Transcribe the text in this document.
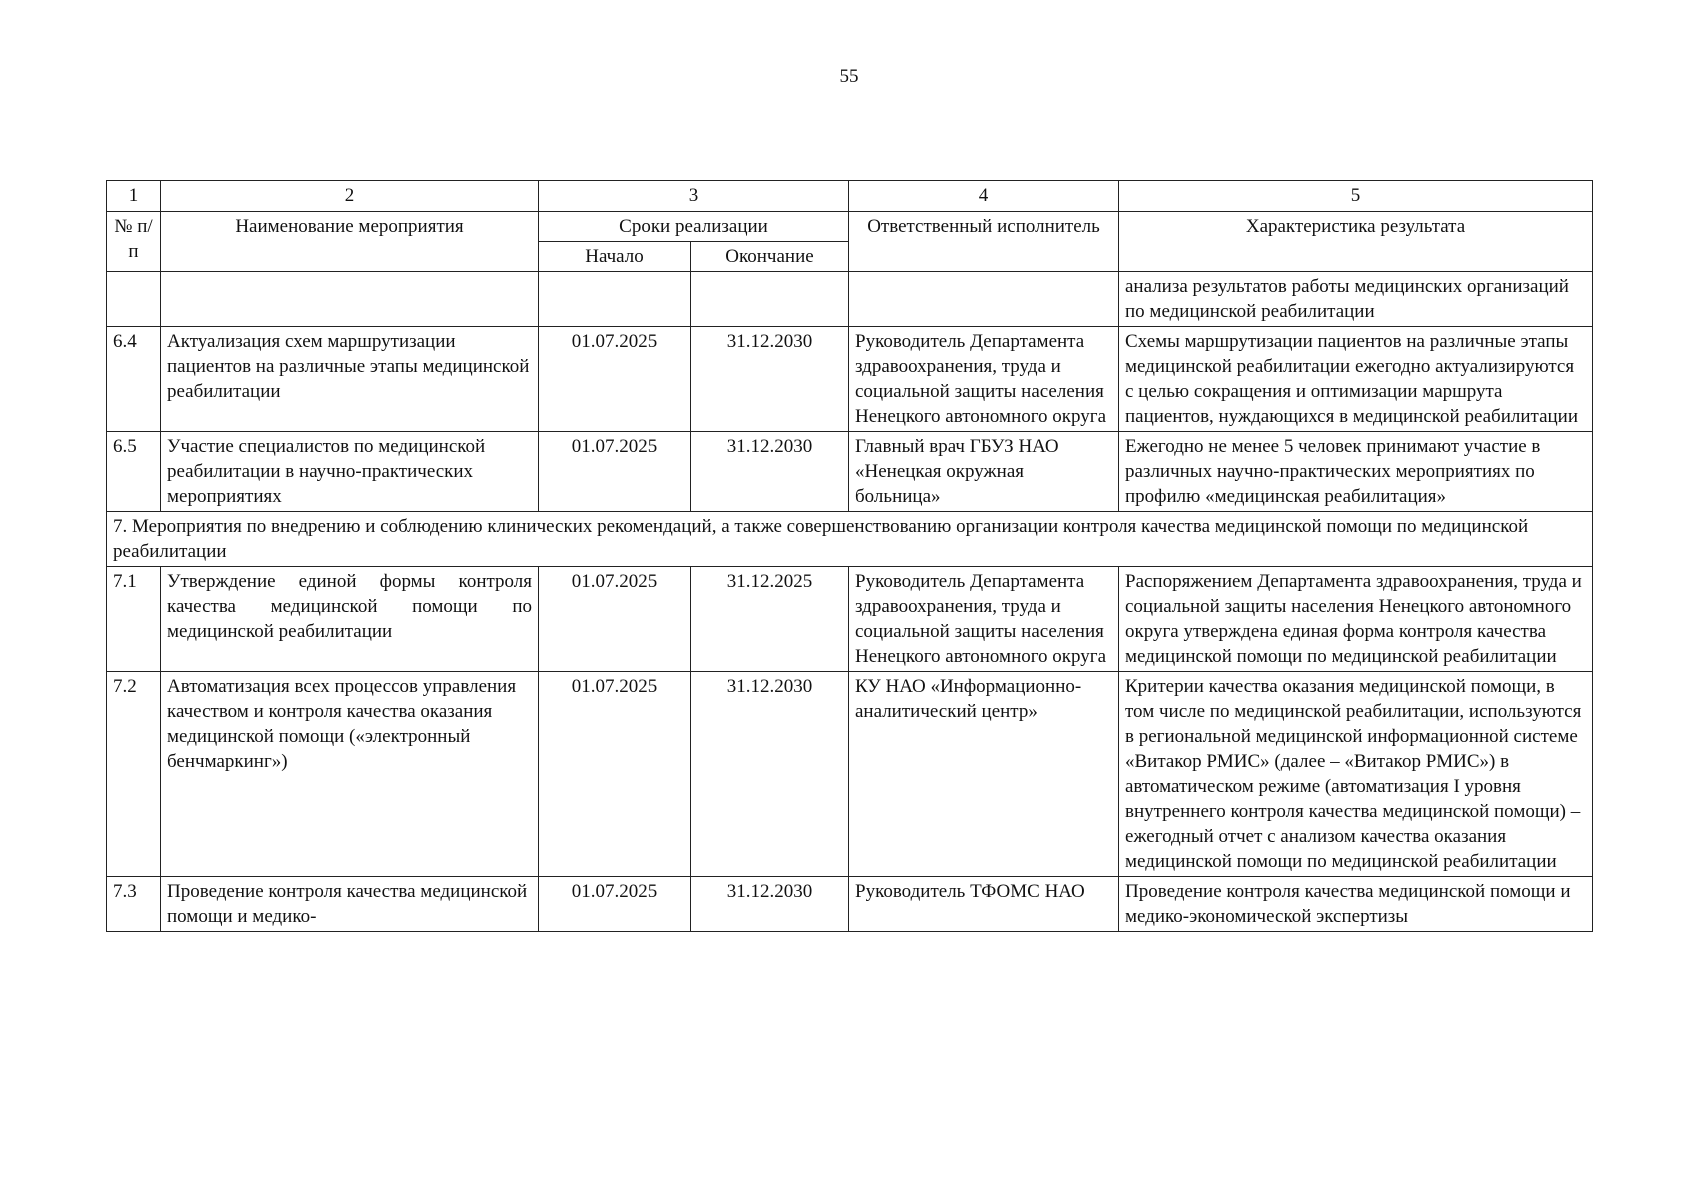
55
1	2	3		4	5
№ п/п	Наименование мероприятия	Сроки реализации		Ответственный исполнитель	Характеристика результата
		Начало	Окончание		
					анализа результатов работы медицинских организаций по медицинской реабилитации
6.4	Актуализация схем маршрутизации пациентов на различные этапы медицинской реабилитации	01.07.2025	31.12.2030	Руководитель Департамента здравоохранения, труда и социальной защиты населения Ненецкого автономного округа	Схемы маршрутизации пациентов на различные этапы медицинской реабилитации ежегодно актуализируются с целью сокращения и оптимизации маршрута пациентов, нуждающихся в медицинской реабилитации
6.5	Участие специалистов по медицинской реабилитации в научно-практических мероприятиях	01.07.2025	31.12.2030	Главный врач ГБУЗ НАО «Ненецкая окружная больница»	Ежегодно не менее 5 человек принимают участие в различных научно-практических мероприятиях по профилю «медицинская реабилитация»
7. Мероприятия по внедрению и соблюдению клинических рекомендаций, а также совершенствованию организации контроля качества медицинской помощи по медицинской реабилитации					
7.1	Утверждение единой формы контроля качества медицинской помощи по медицинской реабилитации	01.07.2025	31.12.2025	Руководитель Департамента здравоохранения, труда и социальной защиты населения Ненецкого автономного округа	Распоряжением Департамента здравоохранения, труда и социальной защиты населения Ненецкого автономного округа утверждена единая форма контроля качества медицинской помощи по медицинской реабилитации
7.2	Автоматизация всех процессов управления качеством и контроля качества оказания медицинской помощи («электронный бенчмаркинг»)	01.07.2025	31.12.2030	КУ НАО «Информационно-аналитический центр»	Критерии качества оказания медицинской помощи, в том числе по медицинской реабилитации, используются в региональной медицинской информационной системе «Витакор РМИС» (далее – «Витакор РМИС») в автоматическом режиме (автоматизация I уровня внутреннего контроля качества медицинской помощи) – ежегодный отчет с анализом качества оказания медицинской помощи по медицинской реабилитации
7.3	Проведение контроля качества медицинской помощи и медико-	01.07.2025	31.12.2030	Руководитель ТФОМС НАО	Проведение контроля качества медицинской помощи и медико-экономической экспертизы
